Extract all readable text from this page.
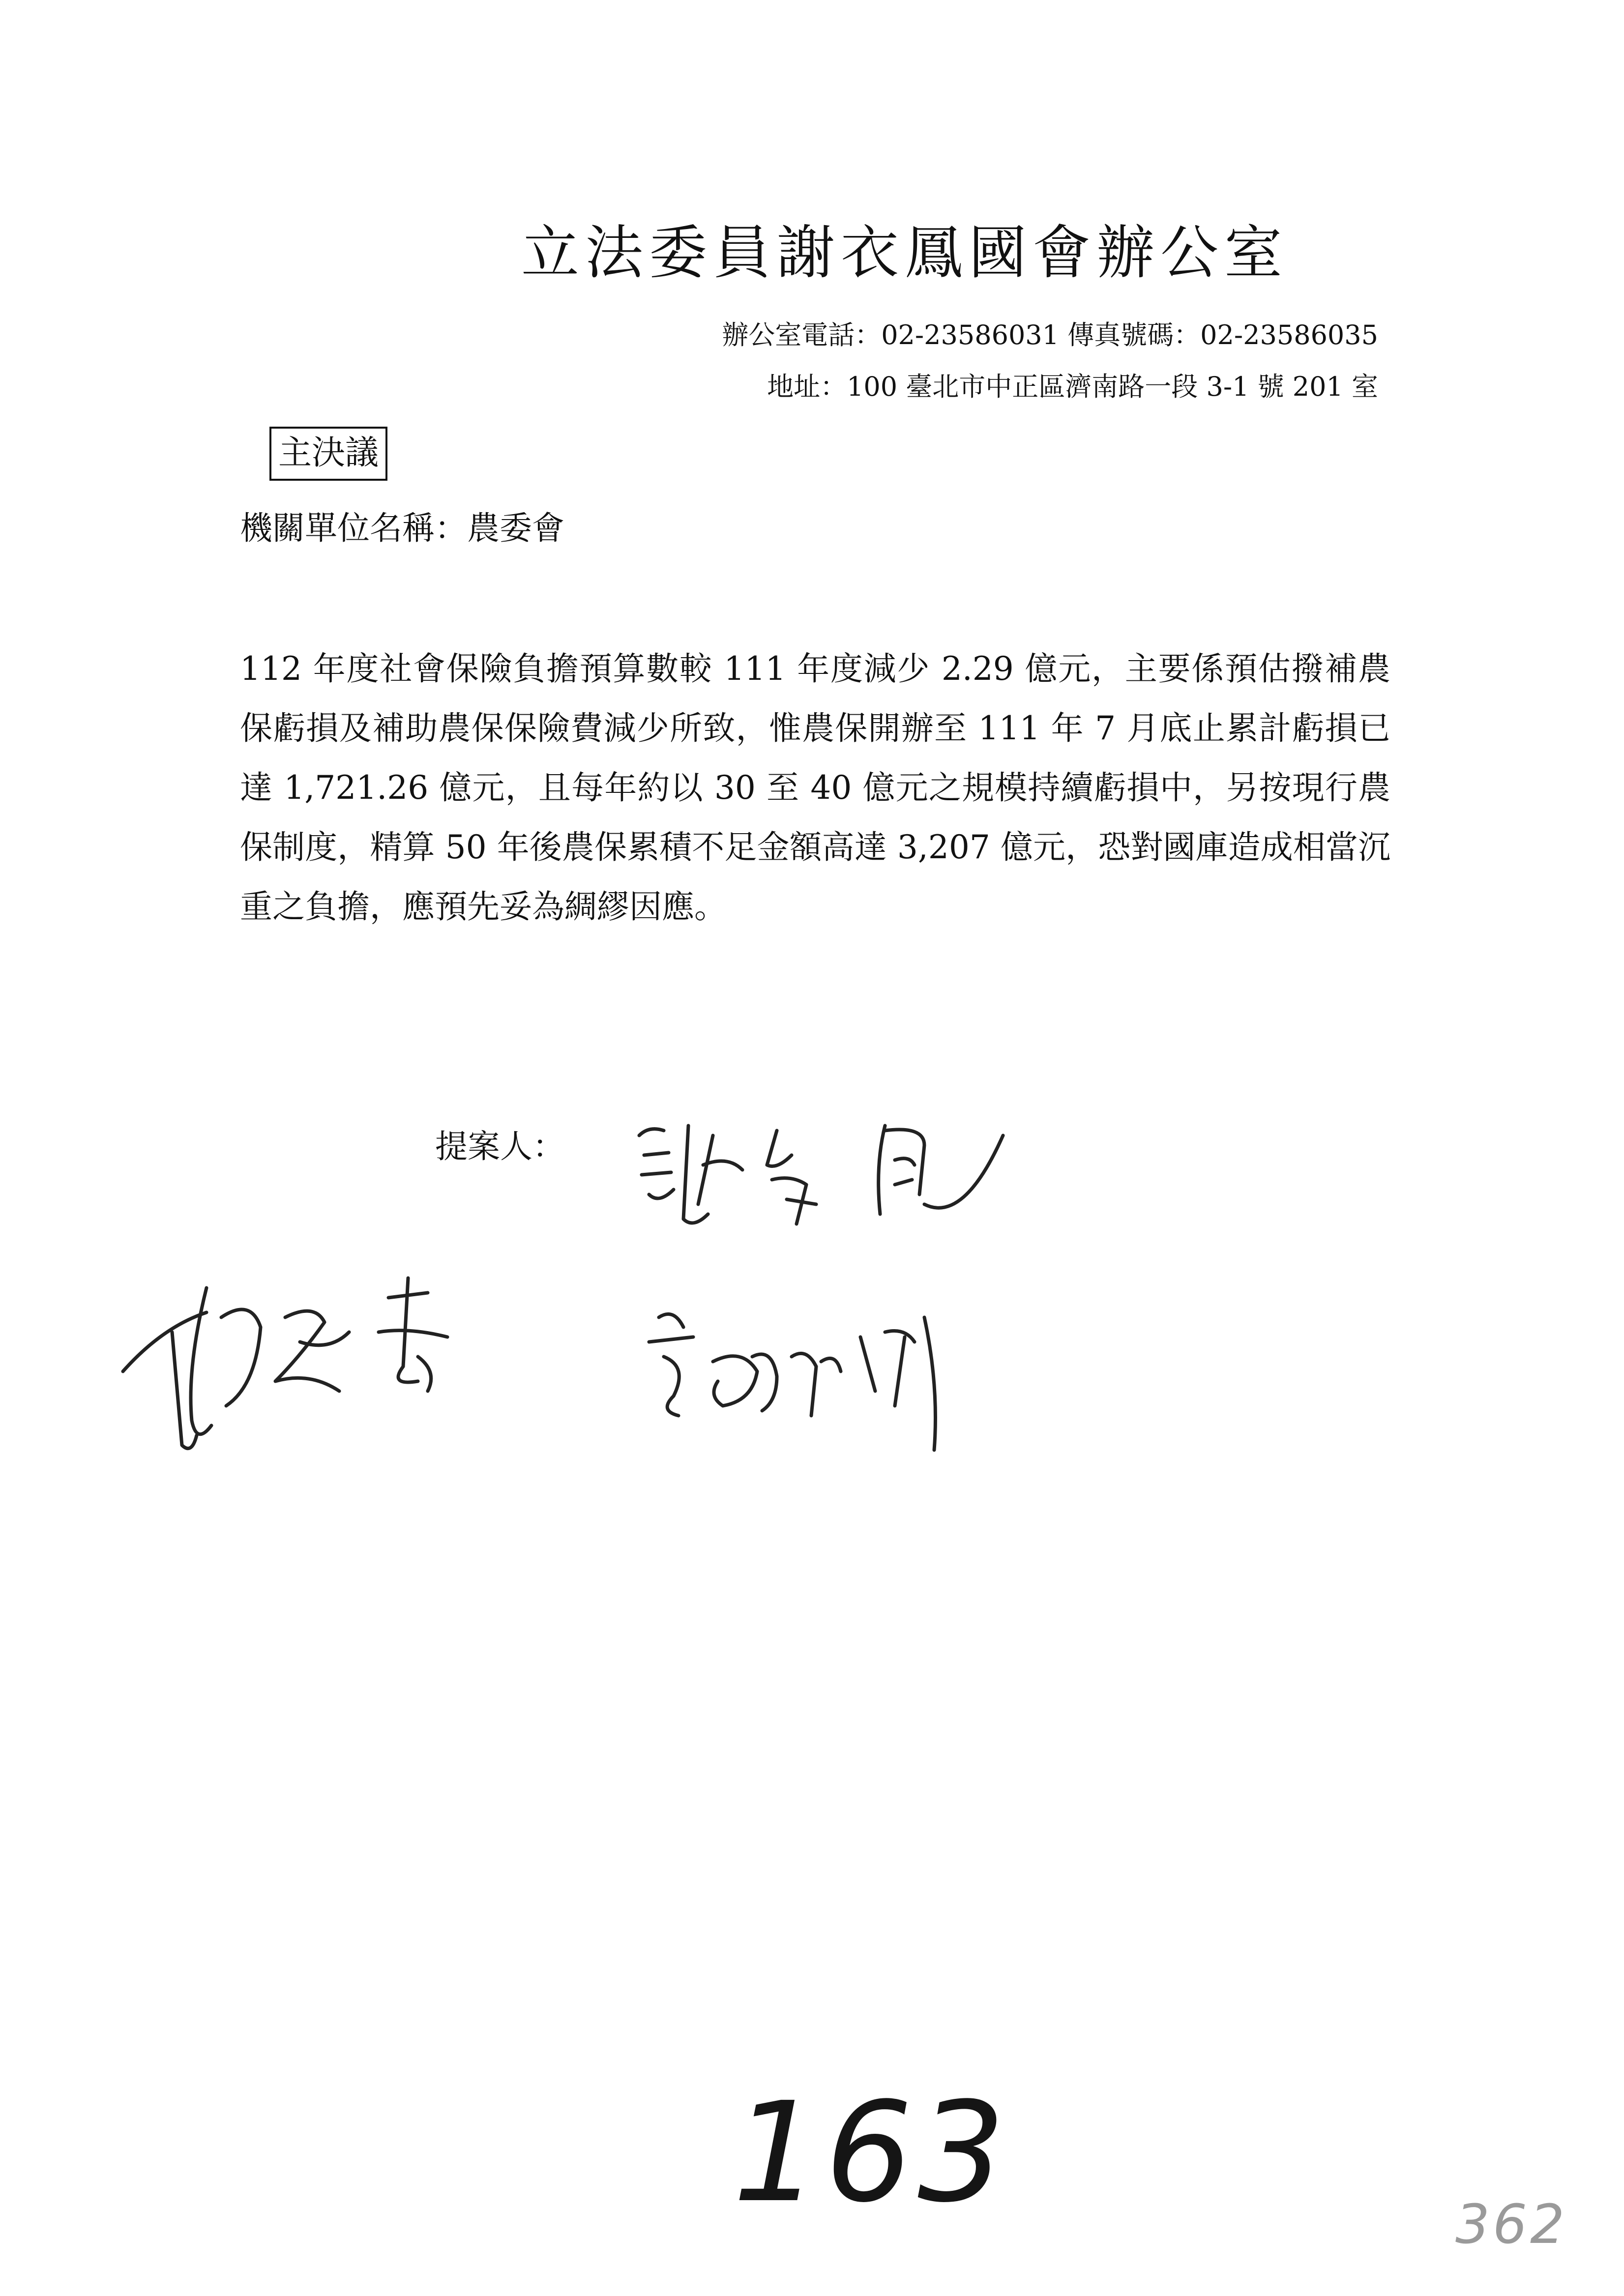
立法委員謝衣鳳國會辦公室
辦公室電話：02-23586031 傳真號碼：02-23586035
地址：100 臺北市中正區濟南路一段 3-1 號 201 室
主決議
機關單位名稱：農委會
112 年度社會保險負擔預算數較 111 年度減少 2.29 億元，主要係預估撥補農保虧損及補助農保保險費減少所致，惟農保開辦至 111 年 7 月底止累計虧損已達 1,721.26 億元，且每年約以 30 至 40 億元之規模持續虧損中，另按現行農保制度，精算 50 年後農保累積不足金額高達 3,207 億元，恐對國庫造成相當沉重之負擔，應預先妥為綢繆因應。
提案人：
163	362
